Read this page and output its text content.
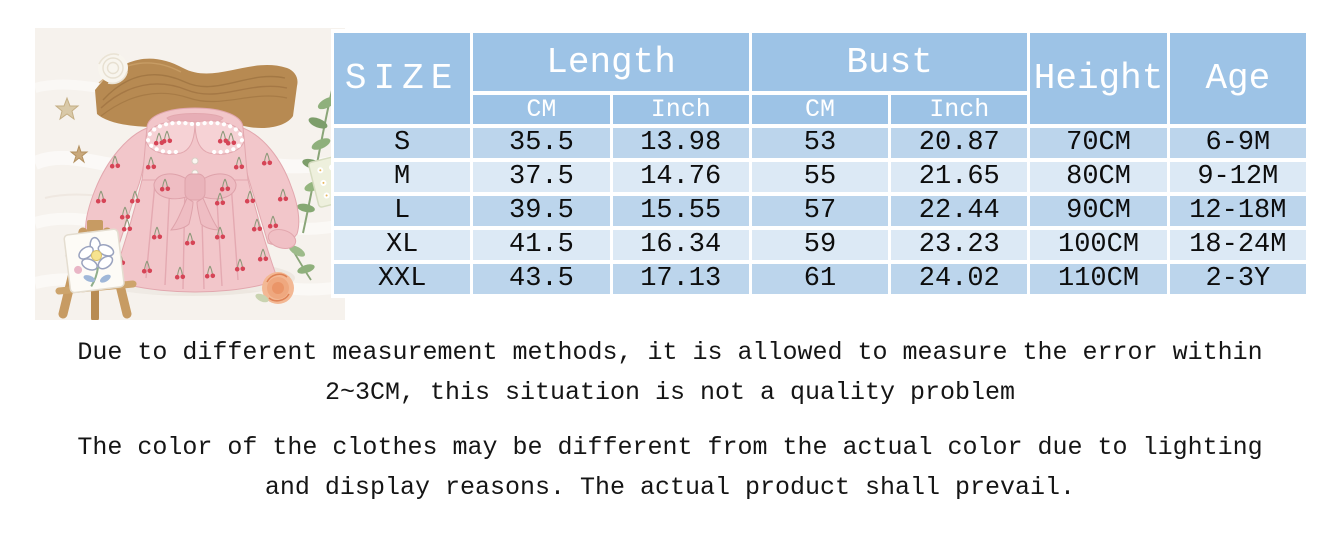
SIZE	Length		Bust		Height	Age
	CM	Inch	CM	Inch		
S	35.5	13.98	53	20.87	70CM	6-9M
M	37.5	14.76	55	21.65	80CM	9-12M
L	39.5	15.55	57	22.44	90CM	12-18M
XL	41.5	16.34	59	23.23	100CM	18-24M
XXL	43.5	17.13	61	24.02	110CM	2-3Y
Due to different measurement methods, it is allowed to measure the error within
2~3CM, this situation is not a quality problem
The color of the clothes may be different from the actual color due to lighting
and display reasons. The actual product shall prevail.
